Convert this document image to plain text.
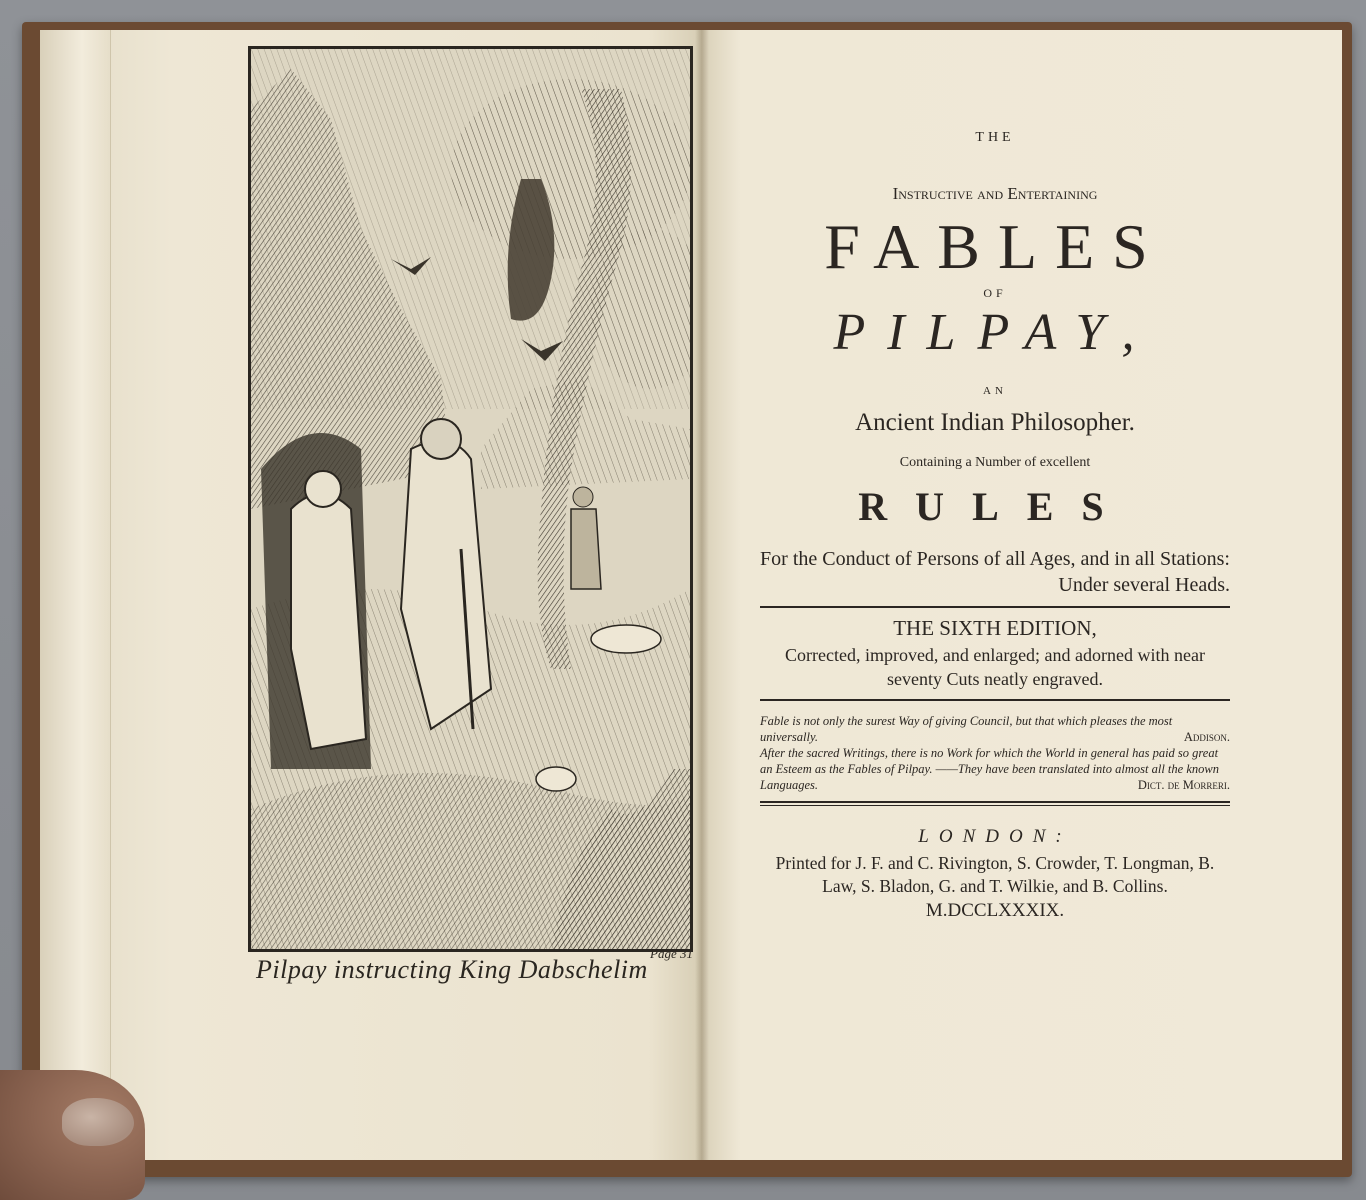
Pilpay instructing King Dabschelim
Page 31
THE
Instructive and Entertaining
FABLES
OF
PILPAY,
AN
Ancient Indian Philosopher.
Containing a Number of excellent
RULES
For the Conduct of Persons of all Ages, and in all Stations: Under several Heads.
THE SIXTH EDITION,
Corrected, improved, and enlarged; and adorned with near seventy Cuts neatly engraved.
Fable is not only the surest Way of giving Council, but that which pleases the most universally.	Addison.
After the sacred Writings, there is no Work for which the World in general has paid so great an Esteem as the Fables of Pilpay. ——They have been translated into almost all the known Languages.	Dict. de Morreri.
LONDON:
Printed for J. F. and C. Rivington, S. Crowder, T. Longman, B. Law, S. Bladon, G. and T. Wilkie, and B. Collins.
M.DCCLXXXIX.
